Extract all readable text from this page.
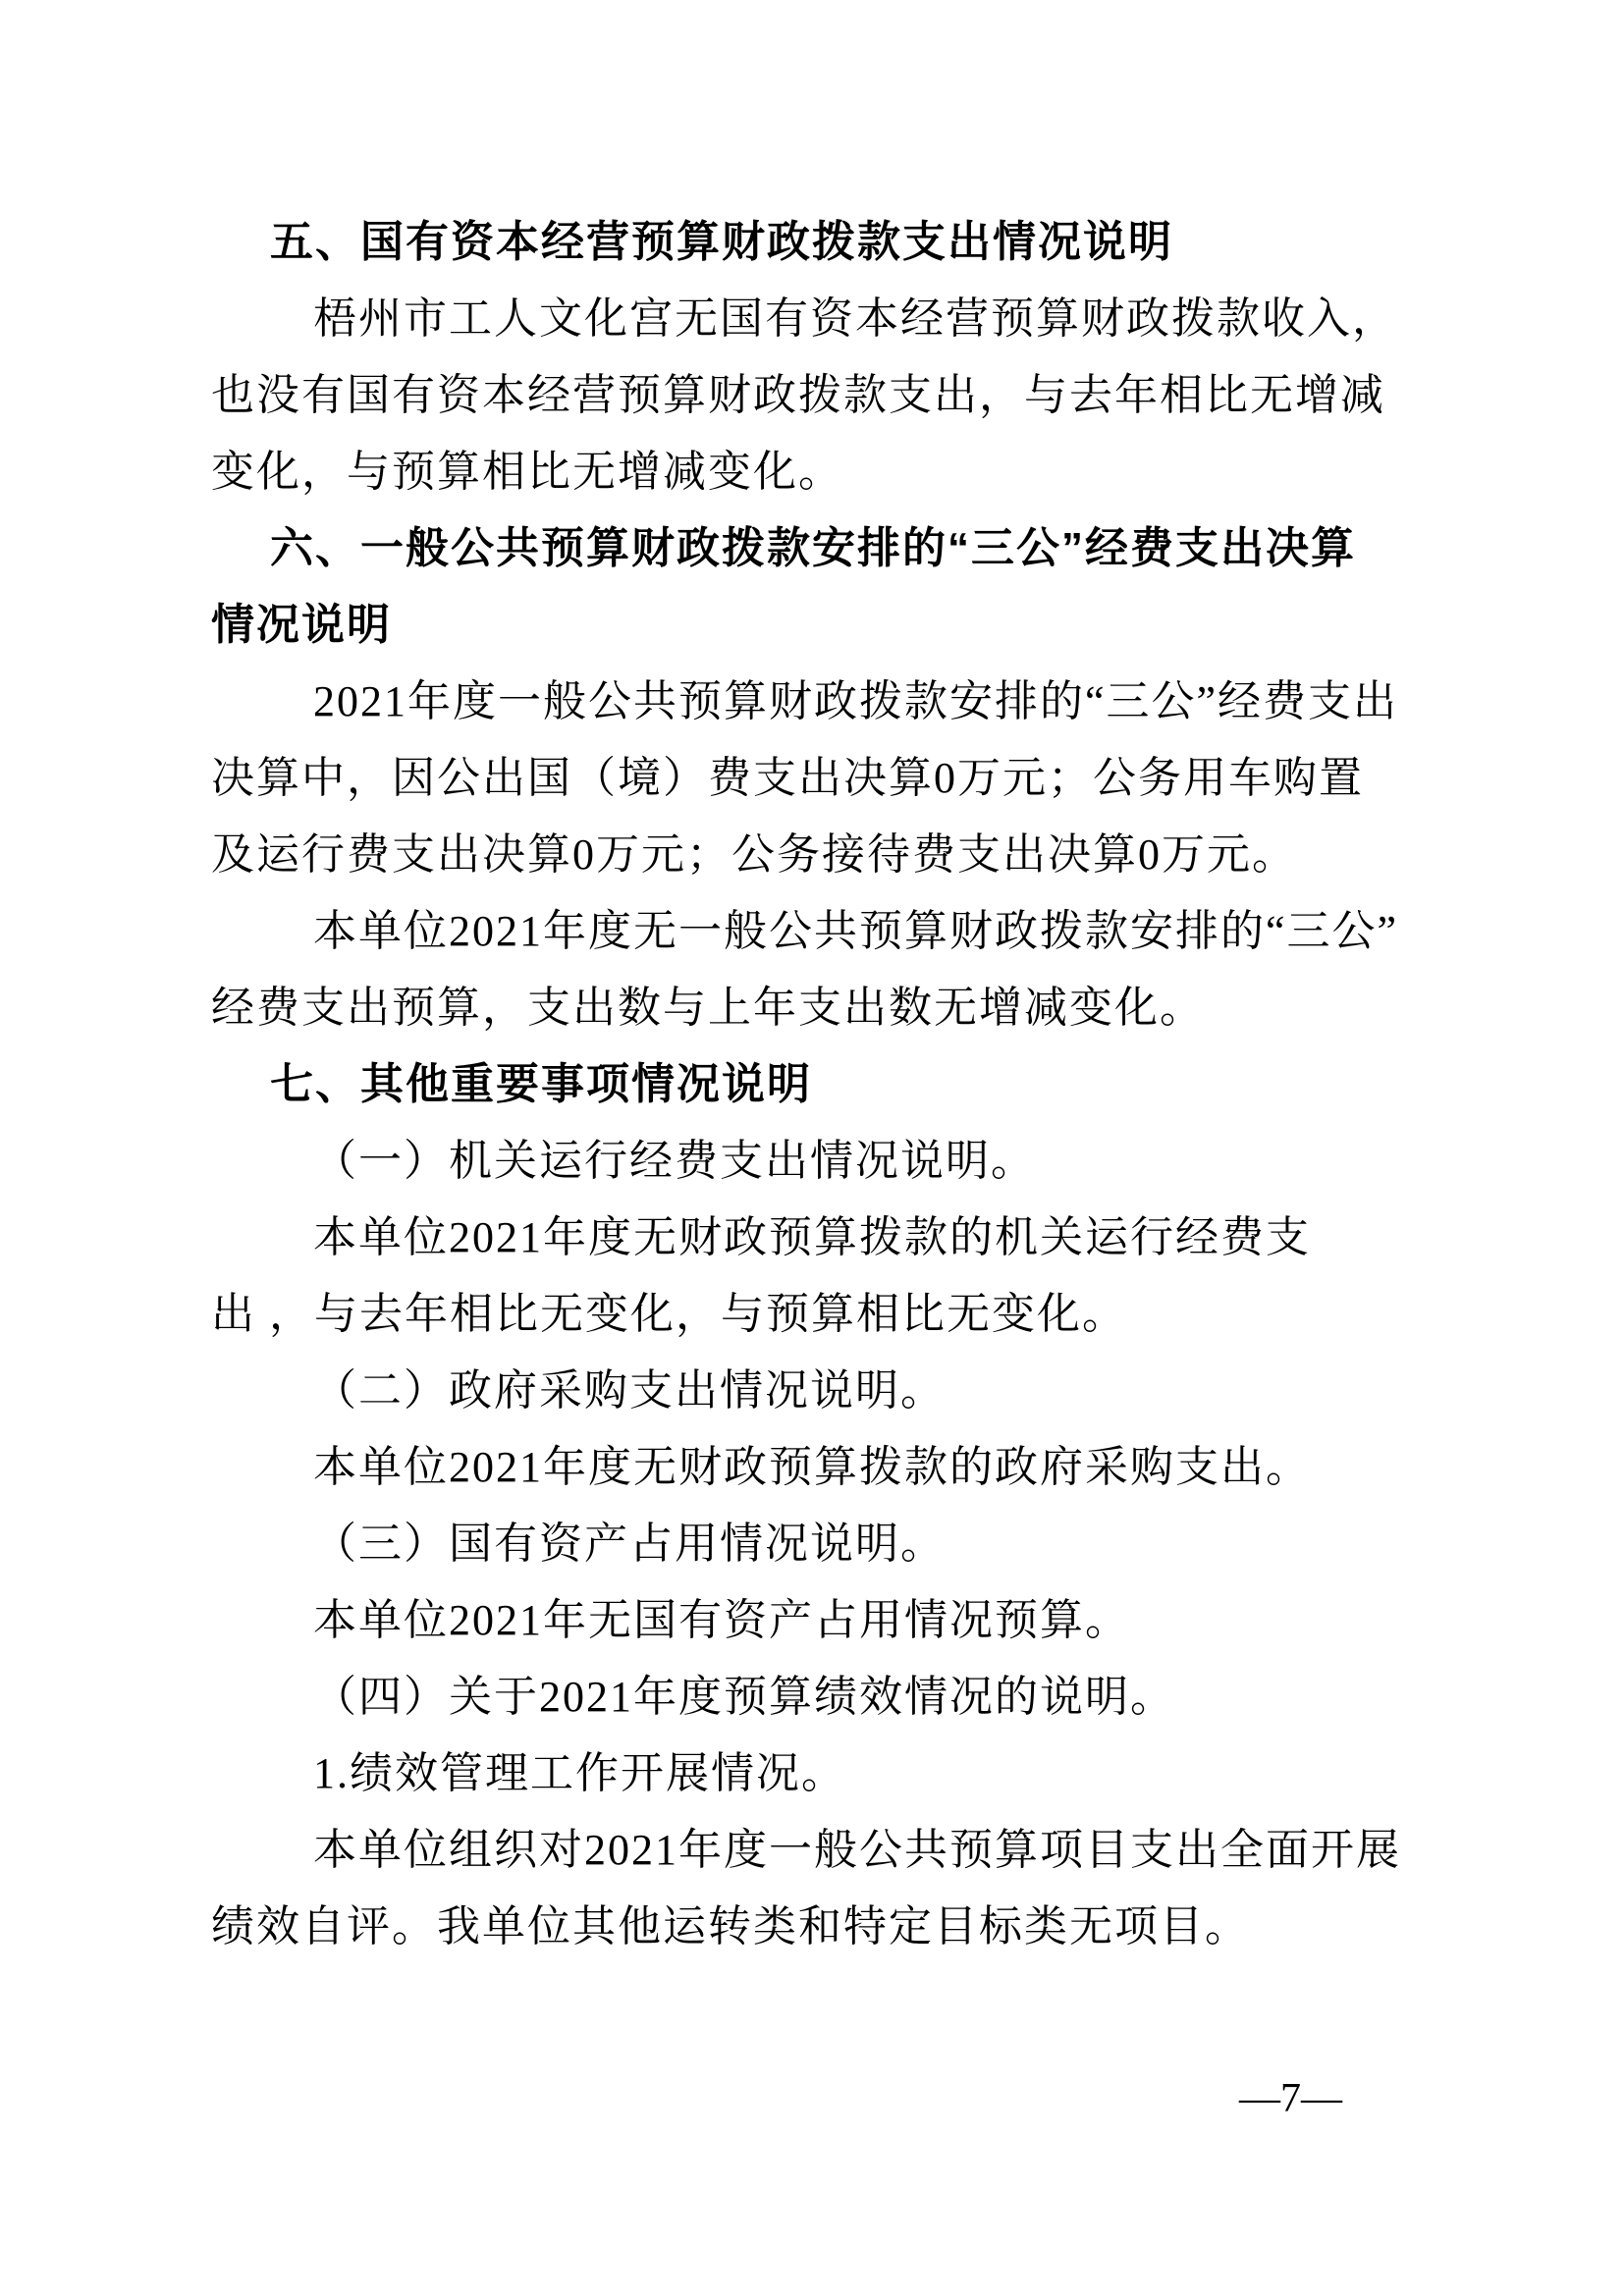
五、国有资本经营预算财政拨款支出情况说明
梧州市工人文化宫无国有资本经营预算财政拨款收入，
也没有国有资本经营预算财政拨款支出，与去年相比无增减
变化，与预算相比无增减变化。
六、一般公共预算财政拨款安排的“三公”经费支出决算
情况说明
2021年度一般公共预算财政拨款安排的“三公”经费支出
决算中，因公出国（境）费支出决算0万元；公务用车购置
及运行费支出决算0万元；公务接待费支出决算0万元。
本单位2021年度无一般公共预算财政拨款安排的“三公”
经费支出预算，支出数与上年支出数无增减变化。
七、其他重要事项情况说明
（一）机关运行经费支出情况说明。
本单位2021年度无财政预算拨款的机关运行经费支
出 ，与去年相比无变化，与预算相比无变化。
（二）政府采购支出情况说明。
本单位2021年度无财政预算拨款的政府采购支出。
（三）国有资产占用情况说明。
本单位2021年无国有资产占用情况预算。
（四）关于2021年度预算绩效情况的说明。
1.绩效管理工作开展情况。
本单位组织对2021年度一般公共预算项目支出全面开展
绩效自评。我单位其他运转类和特定目标类无项目。
—7—
